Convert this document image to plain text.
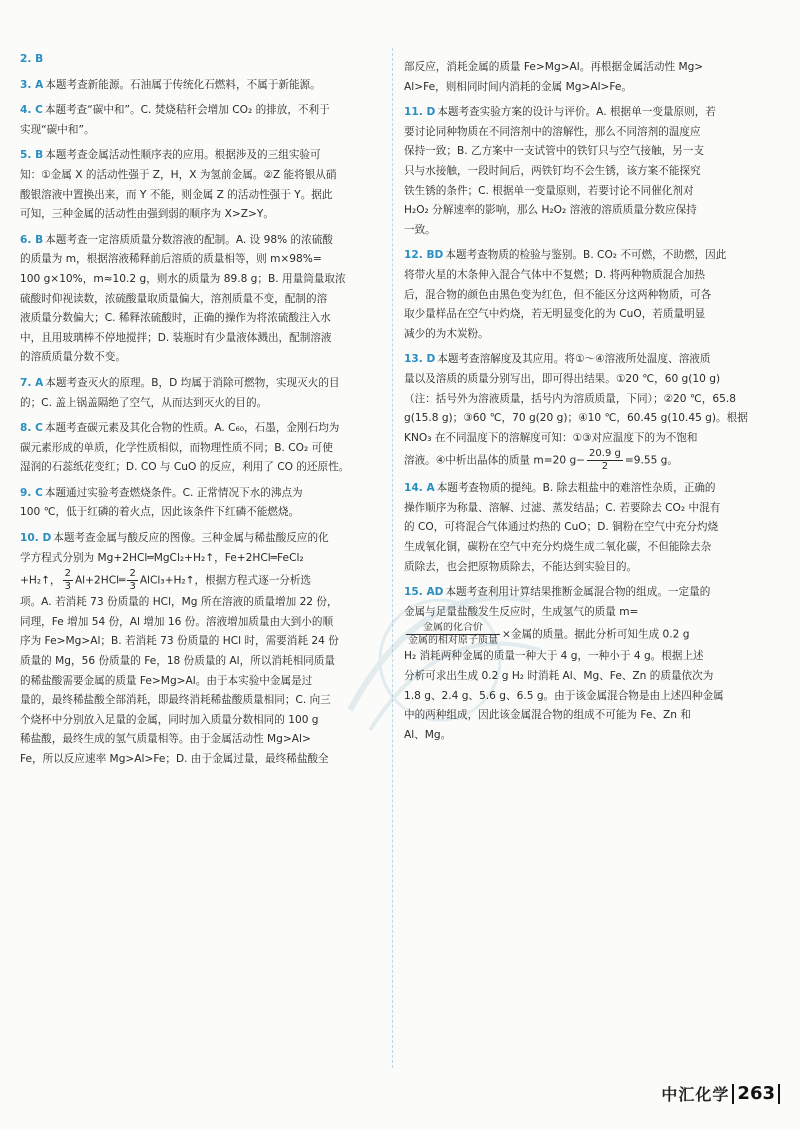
2. B
3. A 本题考查新能源。石油属于传统化石燃料，不属于新能源。
4. C 本题考查“碳中和”。C. 焚烧秸秆会增加 CO₂ 的排放，不利于
实现“碳中和”。
5. B 本题考查金属活动性顺序表的应用。根据涉及的三组实验可
知：①金属 X 的活动性强于 Z，H，X 为氢前金属。②Z 能将银从硝
酸银溶液中置换出来，而 Y 不能，则金属 Z 的活动性强于 Y。据此
可知，三种金属的活动性由强到弱的顺序为 X>Z>Y。
6. B 本题考查一定溶质质量分数溶液的配制。A. 设 98% 的浓硫酸
的质量为 m，根据溶液稀释前后溶质的质量相等，则 m×98%=
100 g×10%，m≈10.2 g，则水的质量为 89.8 g；B. 用量筒量取浓
硫酸时仰视读数，浓硫酸量取质量偏大，溶剂质量不变，配制的溶
液质量分数偏大；C. 稀释浓硫酸时，正确的操作为将浓硫酸注入水
中，且用玻璃棒不停地搅拌；D. 装瓶时有少量液体溅出，配制溶液
的溶质质量分数不变。
7. A 本题考查灭火的原理。B，D 均属于消除可燃物，实现灭火的目
的；C. 盖上锅盖隔绝了空气，从而达到灭火的目的。
8. C 本题考查碳元素及其化合物的性质。A. C₆₀，石墨，金刚石均为
碳元素形成的单质，化学性质相似，而物理性质不同；B. CO₂ 可使
湿润的石蕊纸花变红；D. CO 与 CuO 的反应，利用了 CO 的还原性。
9. C 本题通过实验考查燃烧条件。C. 正常情况下水的沸点为
100 ℃，低于红磷的着火点，因此该条件下红磷不能燃烧。
10. D 本题考查金属与酸反应的图像。三种金属与稀盐酸反应的化
学方程式分别为 Mg+2HCl═MgCl₂+H₂↑，Fe+2HCl═FeCl₂
+H₂↑， $\frac{2}{3}$ Al+2HCl═ $\frac{2}{3}$ AlCl₃+H₂↑，根据方程式逐一分析选
项。A. 若消耗 73 份质量的 HCl，Mg 所在溶液的质量增加 22 份，
同理，Fe 增加 54 份，Al 增加 16 份。溶液增加质量由大到小的顺
序为 Fe>Mg>Al；B. 若消耗 73 份质量的 HCl 时，需要消耗 24 份
质量的 Mg，56 份质量的 Fe，18 份质量的 Al，所以消耗相同质量
的稀盐酸需要金属的质量 Fe>Mg>Al。由于本实验中金属是过
量的，最终稀盐酸全部消耗，即最终消耗稀盐酸质量相同；C. 向三
个烧杯中分别放入足量的金属，同时加入质量分数相同的 100 g
稀盐酸，最终生成的氢气质量相等。由于金属活动性 Mg>Al>
Fe，所以反应速率 Mg>Al>Fe；D. 由于金属过量，最终稀盐酸全
部反应，消耗金属的质量 Fe>Mg>Al。再根据金属活动性 Mg>
Al>Fe，则相同时间内消耗的金属 Mg>Al>Fe。
11. D 本题考查实验方案的设计与评价。A. 根据单一变量原则，若
要讨论同种物质在不同溶剂中的溶解性，那么不同溶剂的温度应
保持一致；B. 乙方案中一支试管中的铁钉只与空气接触，另一支
只与水接触，一段时间后，两铁钉均不会生锈，该方案不能探究
铁生锈的条件；C. 根据单一变量原则，若要讨论不同催化剂对
H₂O₂ 分解速率的影响，那么 H₂O₂ 溶液的溶质质量分数应保持
一致。
12. BD 本题考查物质的检验与鉴别。B. CO₂ 不可燃，不助燃，因此
将带火星的木条伸入混合气体中不复燃；D. 将两种物质混合加热
后，混合物的颜色由黑色变为红色，但不能区分这两种物质，可各
取少量样品在空气中灼烧，若无明显变化的为 CuO，若质量明显
减少的为木炭粉。
13. D 本题考查溶解度及其应用。将①～④溶液所处温度、溶液质
量以及溶质的质量分别写出，即可得出结果。①20 ℃，60 g(10 g)
（注：括号外为溶液质量，括号内为溶质质量，下同）；②20 ℃，65.8
g(15.8 g)；③60 ℃，70 g(20 g)；④10 ℃，60.45 g(10.45 g)。根据
KNO₃ 在不同温度下的溶解度可知：①③对应温度下的为不饱和
溶液。④中析出晶体的质量 m=20 $g- \frac{20.9 g}{2} =9.55$ g。
14. A 本题考查物质的提纯。B. 除去粗盐中的难溶性杂质，正确的
操作顺序为称量、溶解、过滤、蒸发结晶；C. 若要除去 CO₂ 中混有
的 CO，可将混合气体通过灼热的 CuO；D. 铜粉在空气中充分灼烧
生成氧化铜，碳粉在空气中充分灼烧生成二氧化碳，不但能除去杂
质除去，也会把原物质除去，不能达到实验目的。
15. AD 本题考查利用计算结果推断金属混合物的组成。一定量的
金属与足量盐酸发生反应时，生成氢气的质量 m=
$\frac{\text{金属的化合价}}{\text{金属的相对原子质量}}$ ×金属的质量。据此分析可知生成 0.2 g
H₂ 消耗两种金属的质量一种大于 4 g，一种小于 4 g。根据上述
分析可求出生成 0.2 g H₂ 时消耗 Al、Mg、Fe、Zn 的质量依次为
1.8 g、2.4 g、5.6 g、6.5 g。由于该金属混合物是由上述四种金属
中的两种组成，因此该金属混合物的组成不可能为 Fe、Zn 和
Al、Mg。
中汇化学 263
